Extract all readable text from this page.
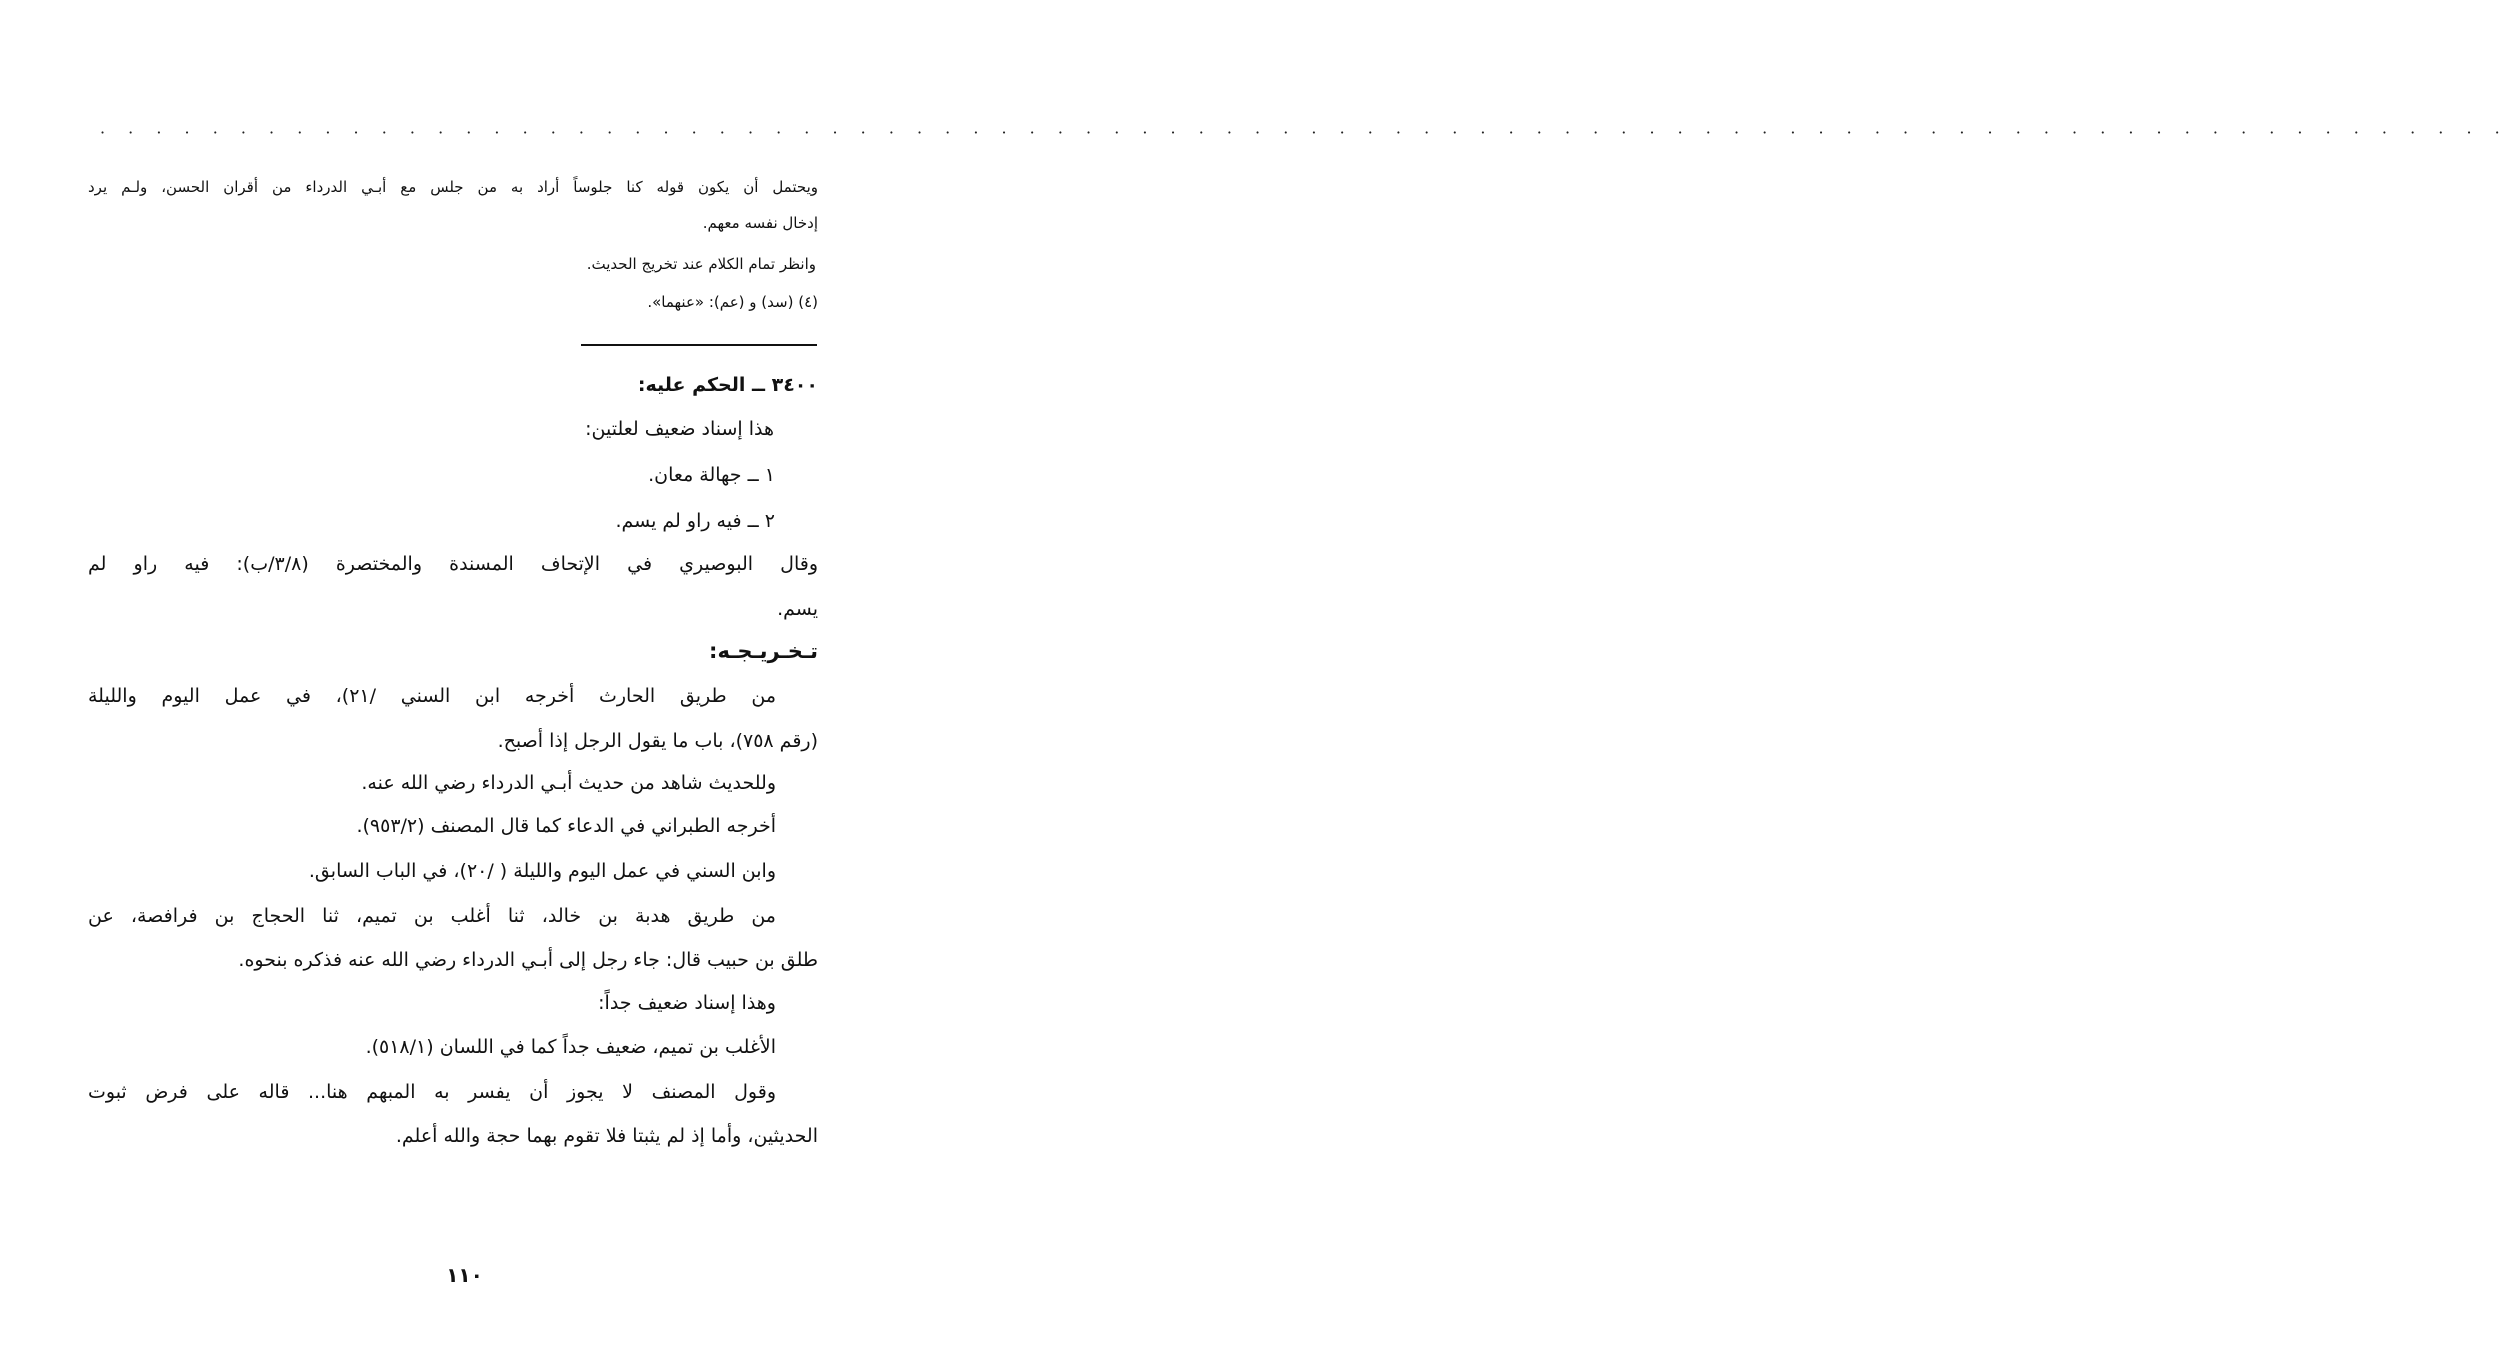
· · · · · · · · · · · · · · · · · · · · · · · · · · · · · · · · · · · · · · · · · · · · · · · · · · · · · · · · · · · · · · · · · · · · · · · · · · · · · · · · · · · · · ·
ويحتمل أن يكون قوله كنا جلوساً أراد به من جلس مع أبـي الدرداء من أقران الحسن، ولـم يرد
إدخال نفسه معهم.
وانظر تمام الكلام عند تخريج الحديث.
(٤) (سد) و (عم): «عنهما».
٣٤٠٠ ــ الحكم عليه:
هذا إسناد ضعيف لعلتين:
١ ــ جهالة معان.
٢ ــ فيه راو لم يسم.
وقال البوصيري في الإتحاف المسندة والمختصرة (٣/٨/ب): فيه راو لم
يسم.
تـخـريـجـه:
من طريق الحارث أخرجه ابن السني /٢١)، في عمل اليوم والليلة
(رقم ٧٥٨)، باب ما يقول الرجل إذا أصبح.
وللحديث شاهد من حديث أبـي الدرداء رضي الله عنه.
أخرجه الطبراني في الدعاء كما قال المصنف (٩٥٣/٢).
وابن السني في عمل اليوم والليلة ( /٢٠)، في الباب السابق.
من طريق هدبة بن خالد، ثنا أغلب بن تميم، ثنا الحجاج بن فرافصة، عن
طلق بن حبيب قال: جاء رجل إلى أبـي الدرداء رضي الله عنه فذكره بنحوه.
وهذا إسناد ضعيف جداً:
الأغلب بن تميم، ضعيف جداً كما في اللسان (٥١٨/١).
وقول المصنف لا يجوز أن يفسر به المبهم هنا... قاله على فرض ثبوت
الحديثين، وأما إذ لم يثبتا فلا تقوم بهما حجة والله أعلم.
١١٠
